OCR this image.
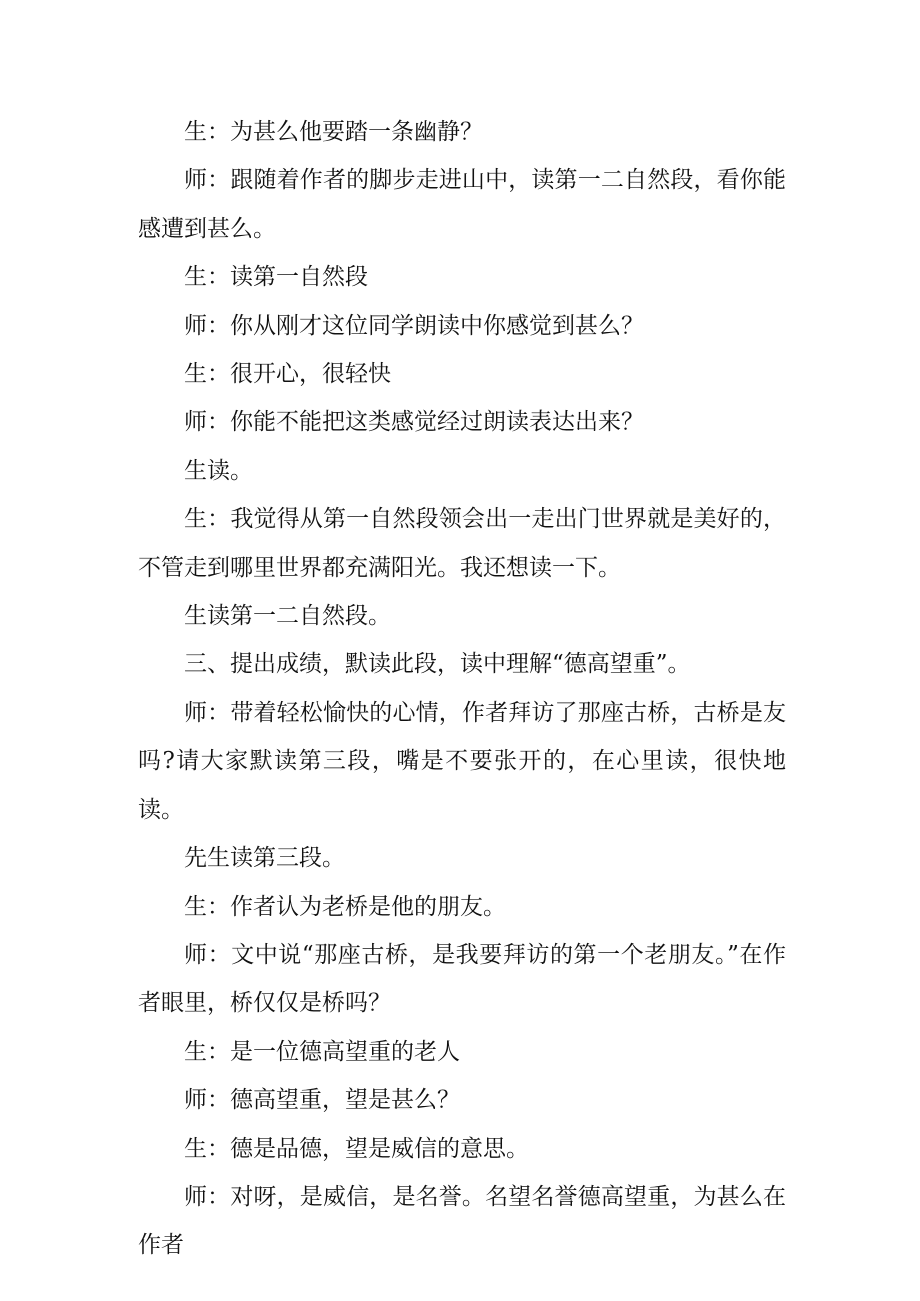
生：为甚么他要踏一条幽静？

师：跟随着作者的脚步走进山中，读第一二自然段，看你能感遭到甚么。

生：读第一自然段

师：你从刚才这位同学朗读中你感觉到甚么？

生：很开心，很轻快

师：你能不能把这类感觉经过朗读表达出来？

生读。

生：我觉得从第一自然段领会出一走出门世界就是美好的，不管走到哪里世界都充满阳光。我还想读一下。

生读第一二自然段。

三、提出成绩，默读此段，读中理解“德高望重”。

师：带着轻松愉快的心情，作者拜访了那座古桥，古桥是友吗?请大家默读第三段，嘴是不要张开的，在心里读，很快地读。

先生读第三段。

生：作者认为老桥是他的朋友。

师：文中说“那座古桥，是我要拜访的第一个老朋友。”在作者眼里，桥仅仅是桥吗？

生：是一位德高望重的老人

师：德高望重，望是甚么？

生：德是品德，望是威信的意思。

师：对呀，是威信，是名誉。名望名誉德高望重，为甚么在作者
